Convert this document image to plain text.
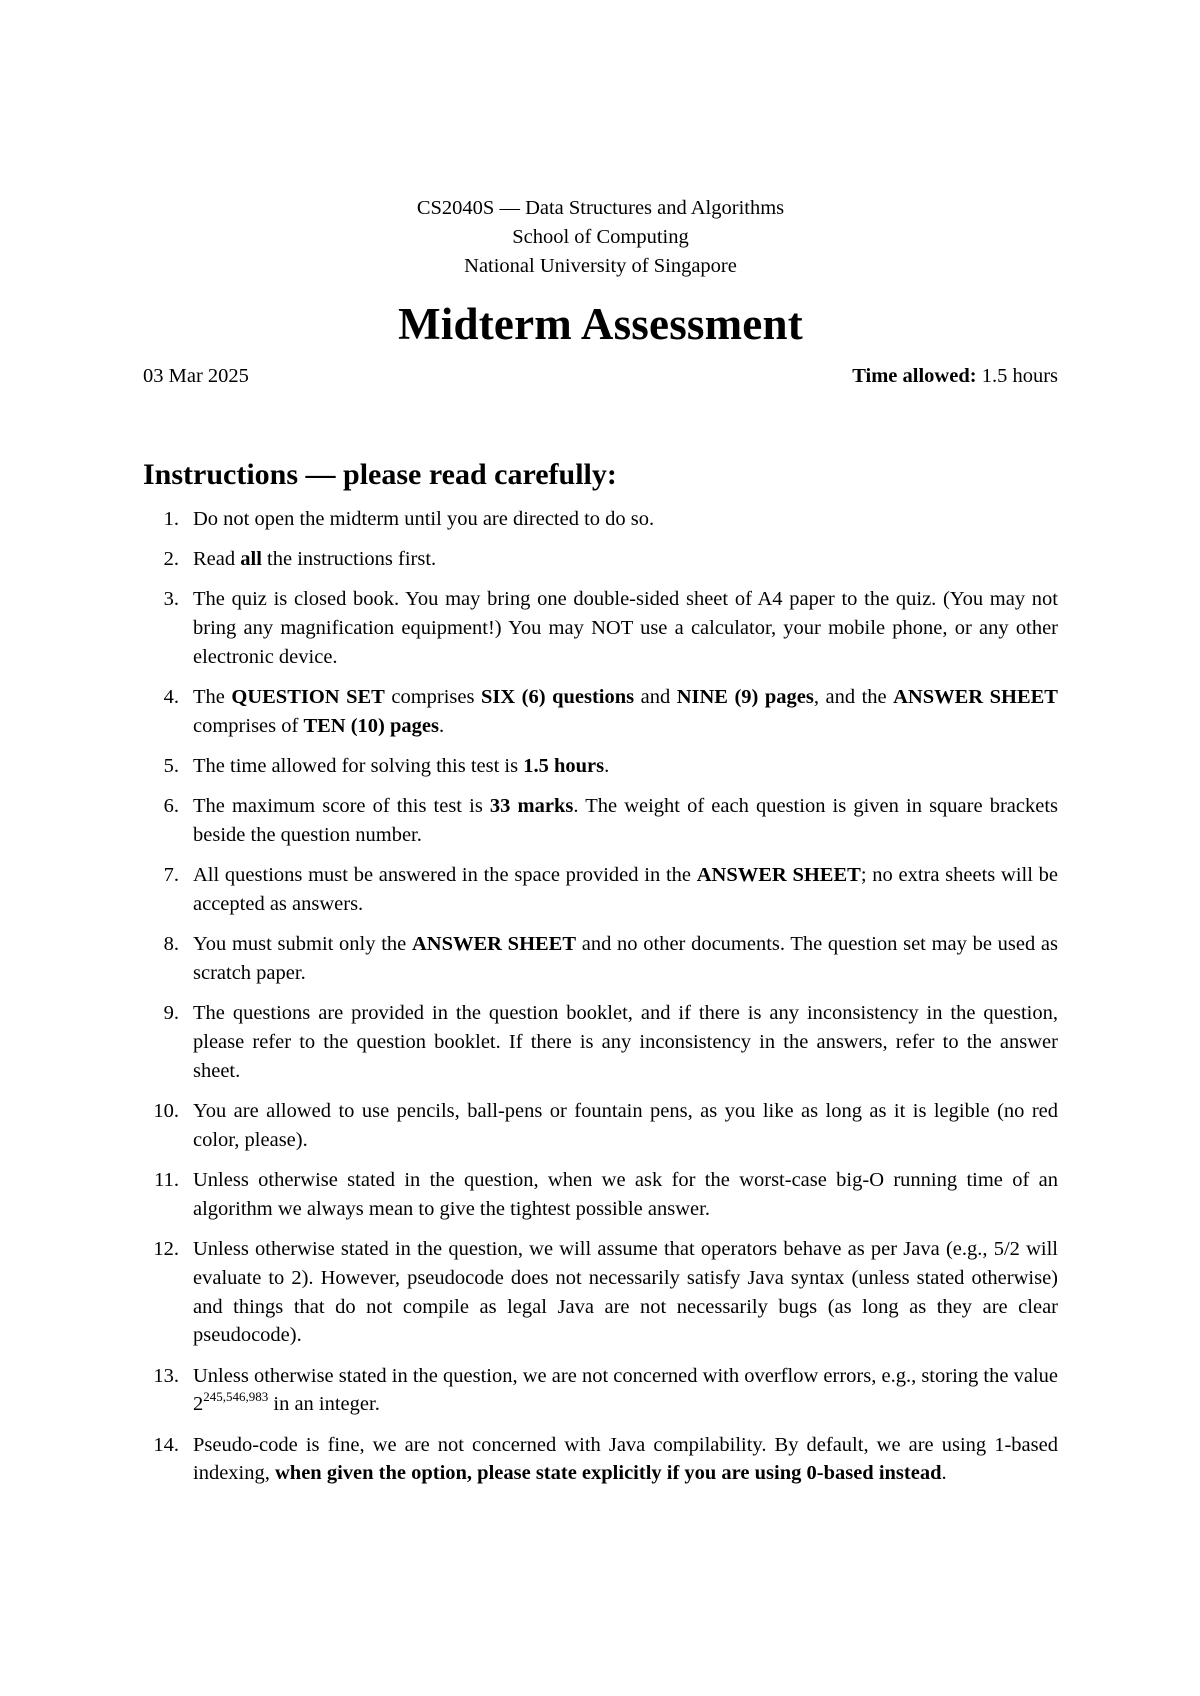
CS2040S — Data Structures and Algorithms
School of Computing
National University of Singapore
Midterm Assessment
03 Mar 2025	Time allowed: 1.5 hours
Instructions — please read carefully:
1. Do not open the midterm until you are directed to do so.
2. Read all the instructions first.
3. The quiz is closed book. You may bring one double-sided sheet of A4 paper to the quiz. (You may not bring any magnification equipment!) You may NOT use a calculator, your mobile phone, or any other electronic device.
4. The QUESTION SET comprises SIX (6) questions and NINE (9) pages, and the ANSWER SHEET comprises of TEN (10) pages.
5. The time allowed for solving this test is 1.5 hours.
6. The maximum score of this test is 33 marks. The weight of each question is given in square brackets beside the question number.
7. All questions must be answered in the space provided in the ANSWER SHEET; no extra sheets will be accepted as answers.
8. You must submit only the ANSWER SHEET and no other documents. The question set may be used as scratch paper.
9. The questions are provided in the question booklet, and if there is any inconsistency in the question, please refer to the question booklet. If there is any inconsistency in the answers, refer to the answer sheet.
10. You are allowed to use pencils, ball-pens or fountain pens, as you like as long as it is legible (no red color, please).
11. Unless otherwise stated in the question, when we ask for the worst-case big-O running time of an algorithm we always mean to give the tightest possible answer.
12. Unless otherwise stated in the question, we will assume that operators behave as per Java (e.g., 5/2 will evaluate to 2). However, pseudocode does not necessarily satisfy Java syntax (unless stated otherwise) and things that do not compile as legal Java are not necessarily bugs (as long as they are clear pseudocode).
13. Unless otherwise stated in the question, we are not concerned with overflow errors, e.g., storing the value 2$^{245,546,983}$ in an integer.
14. Pseudo-code is fine, we are not concerned with Java compilability. By default, we are using 1-based indexing, when given the option, please state explicitly if you are using 0-based instead.
